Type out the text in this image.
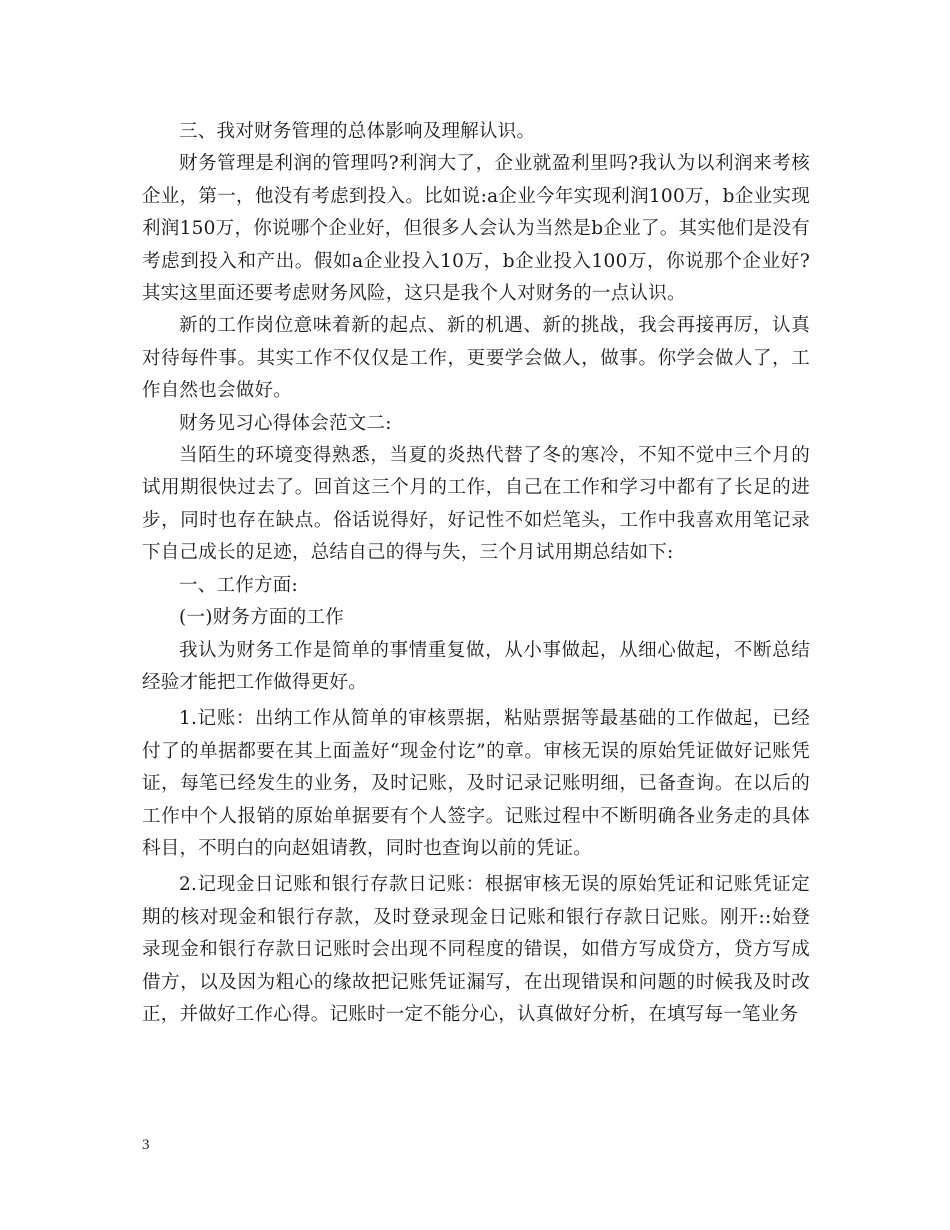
三、我对财务管理的总体影响及理解认识。

财务管理是利润的管理吗?利润大了，企业就盈利里吗?我认为以利润来考核企业，第一，他没有考虑到投入。比如说:a企业今年实现利润100万，b企业实现利润150万，你说哪个企业好，但很多人会认为当然是b企业了。其实他们是没有考虑到投入和产出。假如a企业投入10万，b企业投入100万，你说那个企业好?其实这里面还要考虑财务风险，这只是我个人对财务的一点认识。

新的工作岗位意味着新的起点、新的机遇、新的挑战，我会再接再厉，认真对待每件事。其实工作不仅仅是工作，更要学会做人，做事。你学会做人了，工作自然也会做好。

财务见习心得体会范文二:

当陌生的环境变得熟悉，当夏的炎热代替了冬的寒冷，不知不觉中三个月的试用期很快过去了。回首这三个月的工作，自己在工作和学习中都有了长足的进步，同时也存在缺点。俗话说得好，好记性不如烂笔头，工作中我喜欢用笔记录下自己成长的足迹，总结自己的得与失，三个月试用期总结如下:

一、工作方面:

(一)财务方面的工作

我认为财务工作是简单的事情重复做，从小事做起，从细心做起，不断总结经验才能把工作做得更好。

1.记账：出纳工作从简单的审核票据，粘贴票据等最基础的工作做起，已经付了的单据都要在其上面盖好“现金付讫”的章。审核无误的原始凭证做好记账凭证，每笔已经发生的业务，及时记账，及时记录记账明细，已备查询。在以后的工作中个人报销的原始单据要有个人签字。记账过程中不断明确各业务走的具体科目，不明白的向赵姐请教，同时也查询以前的凭证。

2.记现金日记账和银行存款日记账：根据审核无误的原始凭证和记账凭证定期的核对现金和银行存款，及时登录现金日记账和银行存款日记账。刚开::始登录现金和银行存款日记账时会出现不同程度的错误，如借方写成贷方，贷方写成借方，以及因为粗心的缘故把记账凭证漏写，在出现错误和问题的时候我及时改正，并做好工作心得。记账时一定不能分心，认真做好分析，在填写每一笔业务

3
